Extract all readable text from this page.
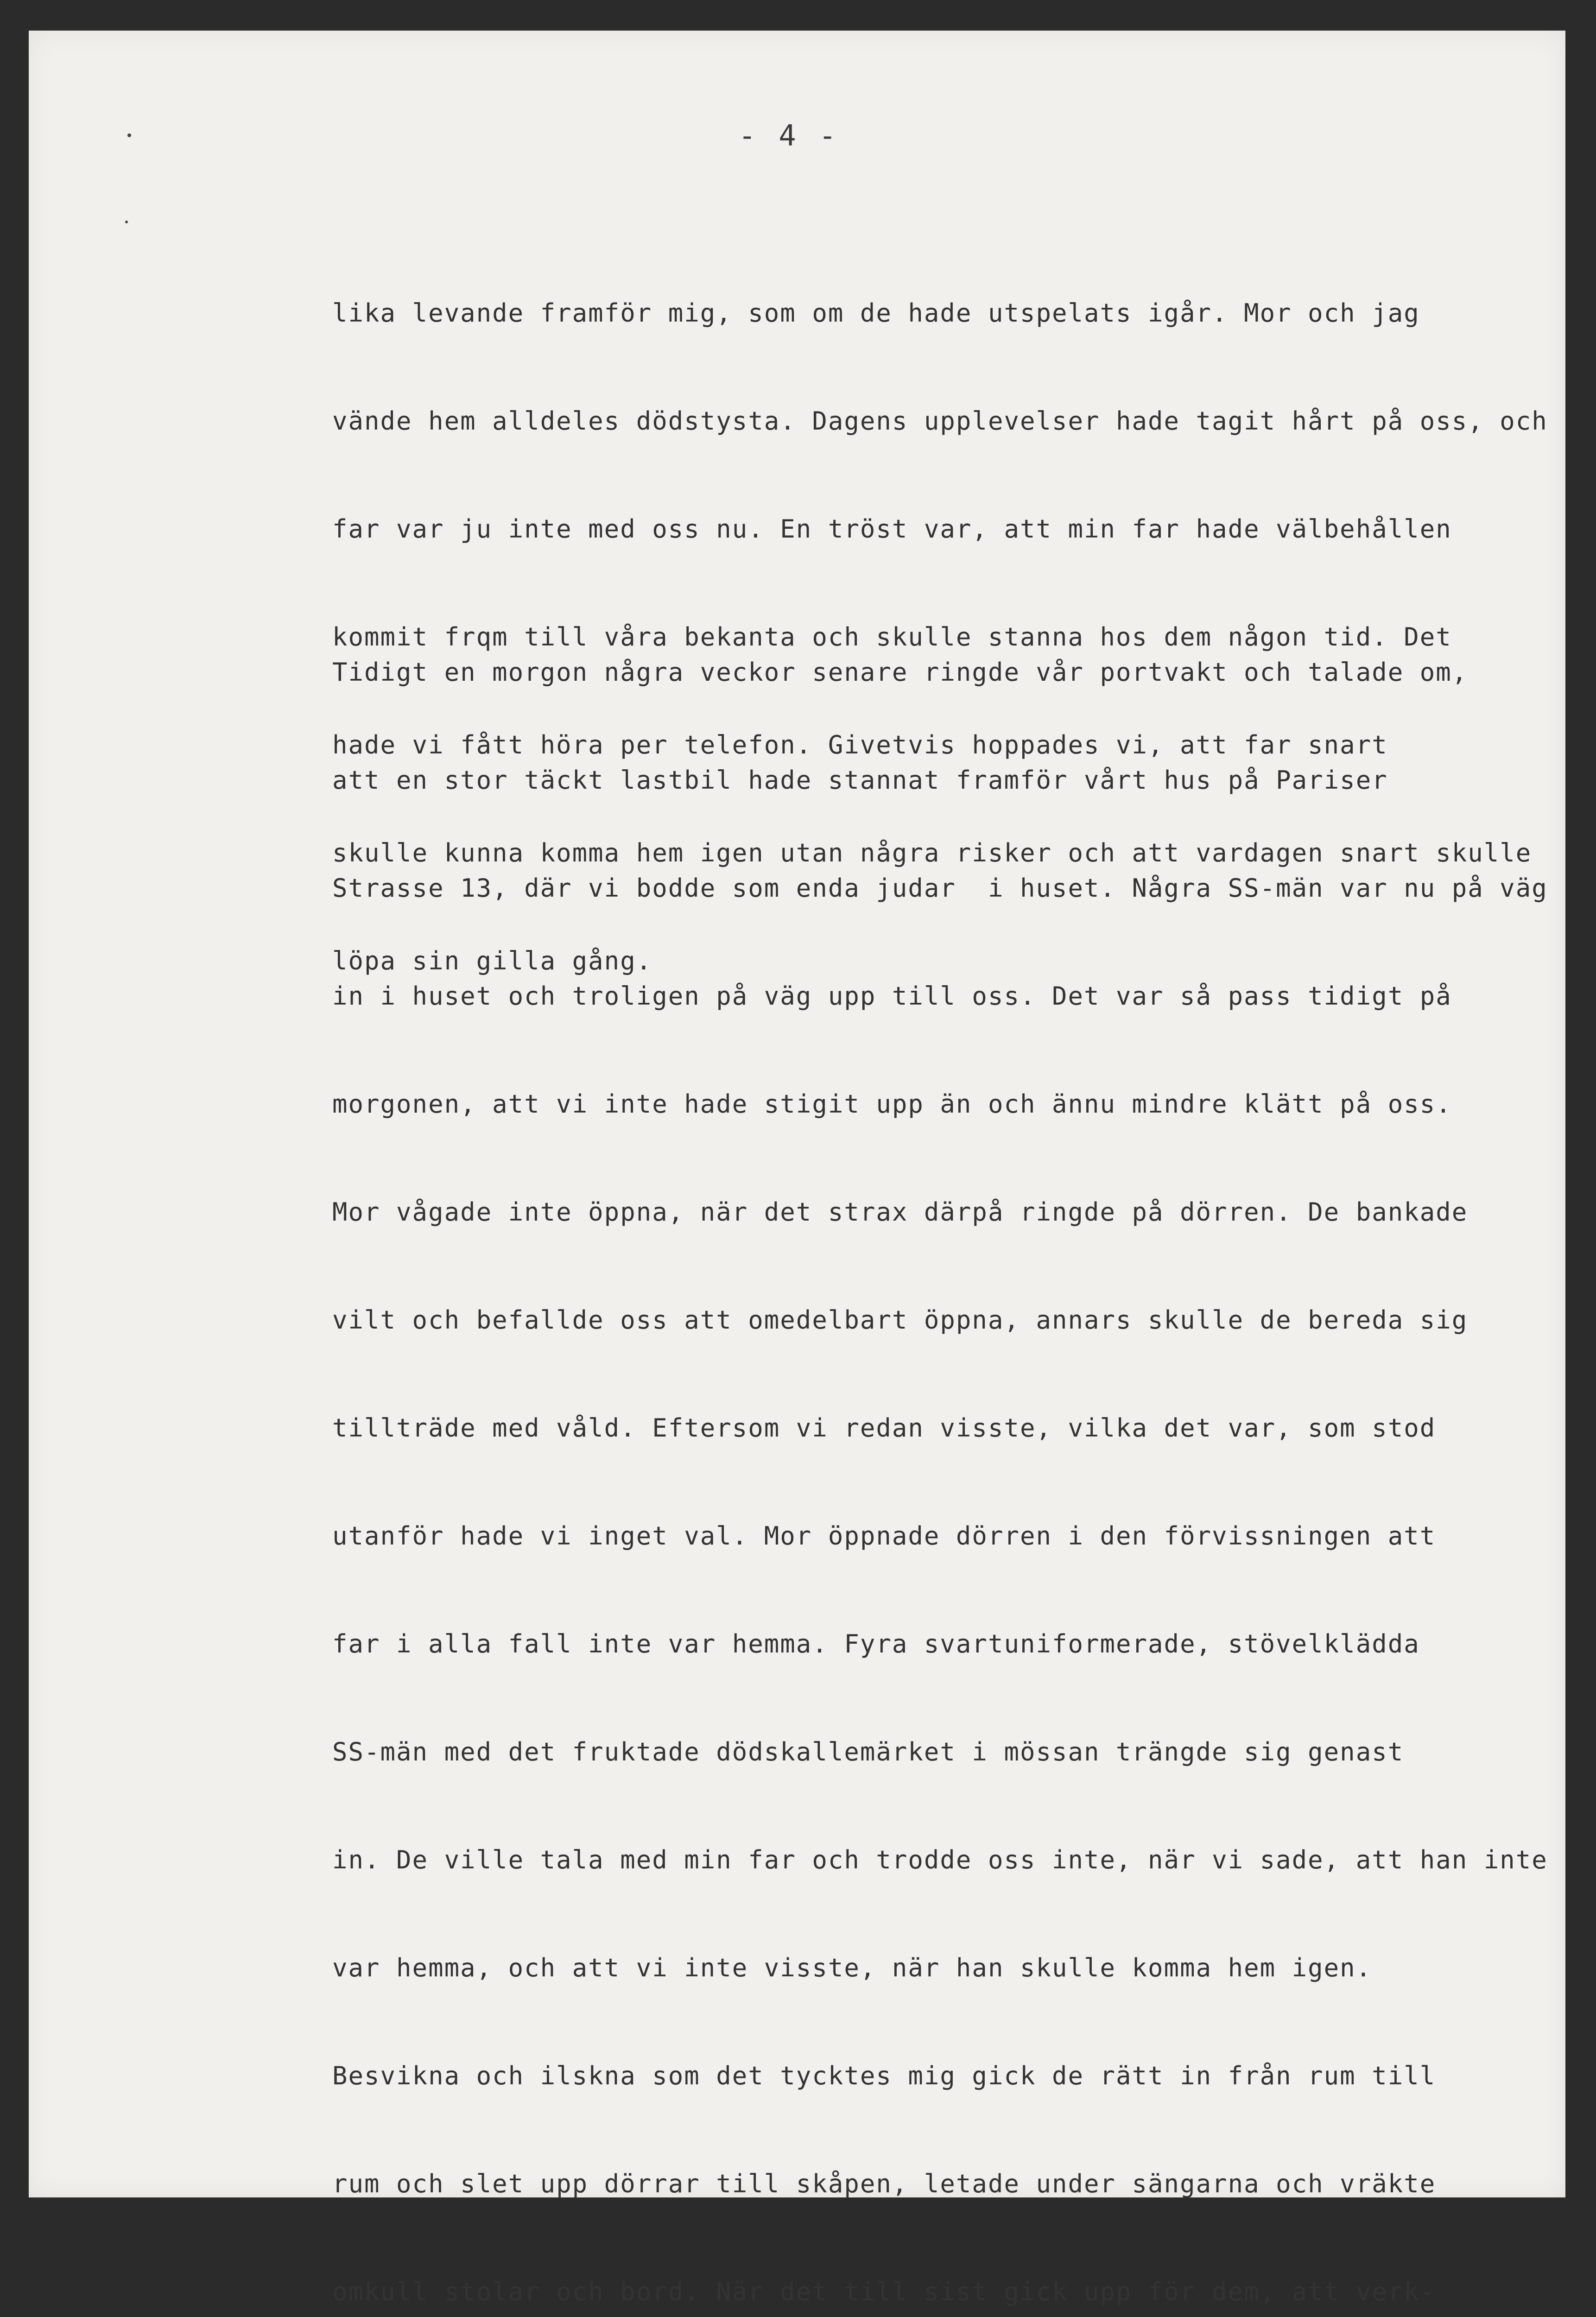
- 4 -

lika levande framför mig, som om de hade utspelats igår. Mor och jag

vände hem alldeles dödstysta. Dagens upplevelser hade tagit hårt på oss, och

far var ju inte med oss nu. En tröst var, att min far hade välbehållen

kommit frqm till våra bekanta och skulle stanna hos dem någon tid. Det

hade vi fått höra per telefon. Givetvis hoppades vi, att far snart

skulle kunna komma hem igen utan några risker och att vardagen snart skulle

löpa sin gilla gång.

Tidigt en morgon några veckor senare ringde vår portvakt och talade om,

att en stor täckt lastbil hade stannat framför vårt hus på Pariser

Strasse 13, där vi bodde som enda judar  i huset. Några SS-män var nu på väg

in i huset och troligen på väg upp till oss. Det var så pass tidigt på

morgonen, att vi inte hade stigit upp än och ännu mindre klätt på oss.

Mor vågade inte öppna, när det strax därpå ringde på dörren. De bankade

vilt och befallde oss att omedelbart öppna, annars skulle de bereda sig

tillträde med våld. Eftersom vi redan visste, vilka det var, som stod

utanför hade vi inget val. Mor öppnade dörren i den förvissningen att

far i alla fall inte var hemma. Fyra svartuniformerade, stövelklädda

SS-män med det fruktade dödskallemärket i mössan trängde sig genast

in. De ville tala med min far och trodde oss inte, när vi sade, att han inte

var hemma, och att vi inte visste, när han skulle komma hem igen.

Besvikna och ilskna som det tycktes mig gick de rätt in från rum till

rum och slet upp dörrar till skåpen, letade under sängarna och vräkte

omkull stolar och bord. När det till sist gick upp för dem, att verk-
